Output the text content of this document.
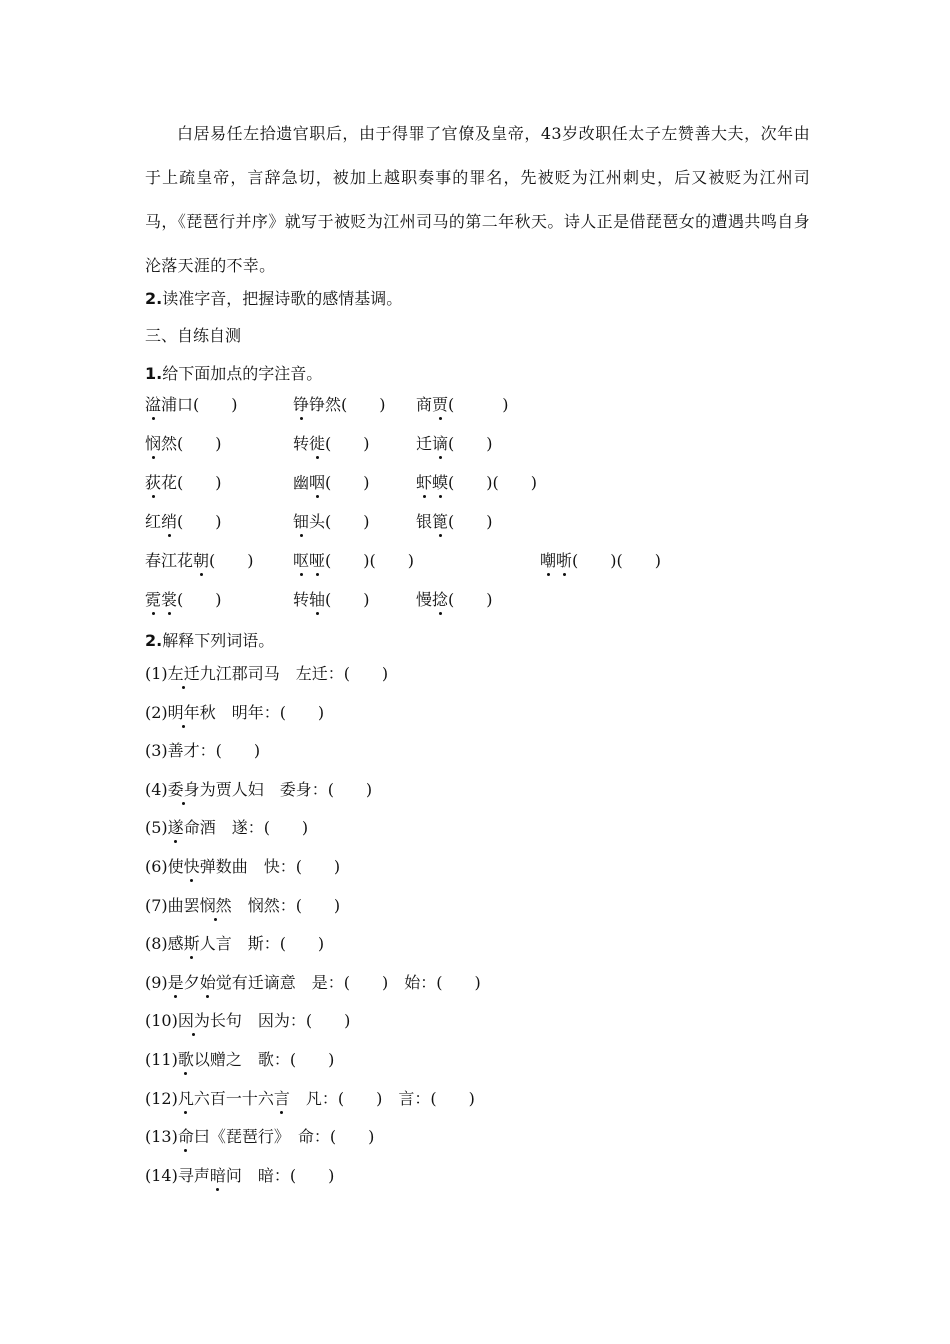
白居易任左拾遗官职后，由于得罪了官僚及皇帝，43岁改职任太子左赞善大夫，次年由于上疏皇帝，言辞急切，被加上越职奏事的罪名，先被贬为江州刺史，后又被贬为江州司马，《琵琶行并序》就写于被贬为江州司马的第二年秋天。诗人正是借琵琶女的遭遇共鸣自身沦落天涯的不幸。
2.读准字音，把握诗歌的感情基调。
三、自练自测
1.给下面加点的字注音。
湓浦口(　　)	铮铮然(　　) 商贾(　　　)
悯然(　　)	转徙(　　)	迁谪(　　)
荻花(　　)	幽咽(　　)	虾蟆(　　)(　　)
红绡(　　)	钿头(　　)	银篦(　　)
春江花朝(　　) 呕哑(　　)(　　)	嘲哳(　　)(　　)
霓裳(　　)	转轴(　　)	慢捻(　　)
2.解释下列词语。
(1)左迁九江郡司马　左迁：(　　)
(2)明年秋　明年：(　　)
(3)善才：(　　)
(4)委身为贾人妇　委身：(　　)
(5)遂命酒　遂：(　　)
(6)使快弹数曲　快：(　　)
(7)曲罢悯然　悯然：(　　)
(8)感斯人言　斯：(　　)
(9)是夕始觉有迁谪意　是：(　　)　始：(　　)
(10)因为长句　因为：(　　)
(11)歌以赠之　歌：(　　)
(12)凡六百一十六言　凡：(　　)　言：(　　)
(13)命曰《琵琶行》　命：(　　)
(14)寻声暗问　暗：(　　)
